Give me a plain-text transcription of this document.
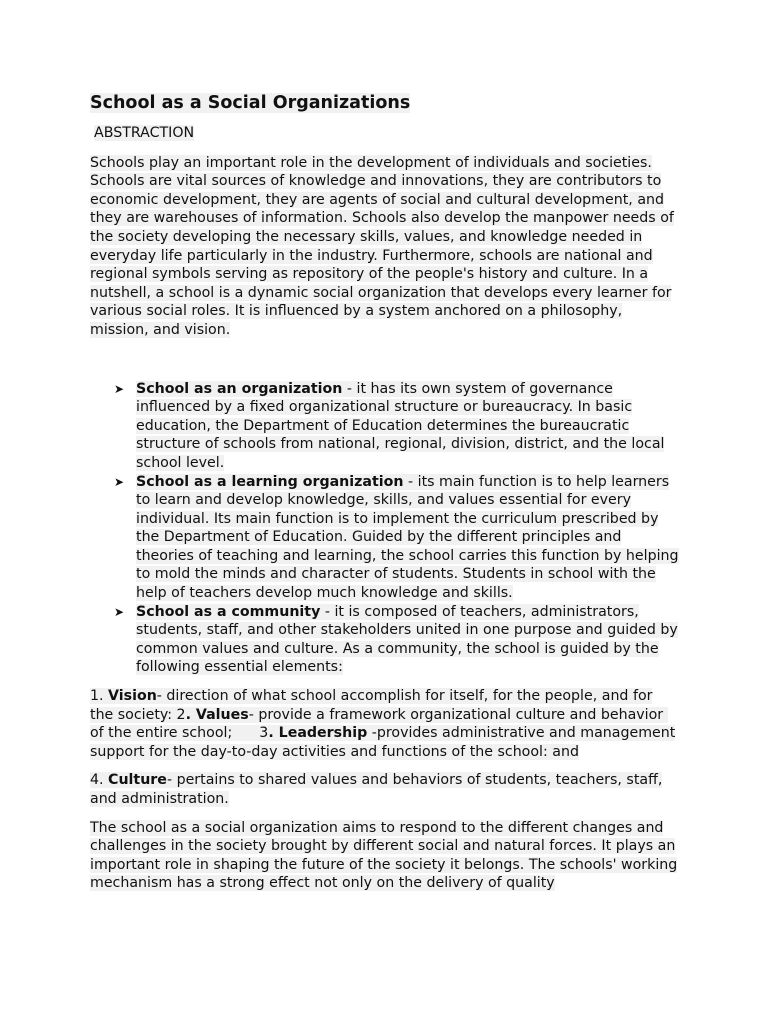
School as a Social Organizations
ABSTRACTION

Schools play an important role in the development of individuals and societies. Schools are vital sources of knowledge and innovations, they are contributors to economic development, they are agents of social and cultural development, and they are warehouses of information. Schools also develop the manpower needs of the society developing the necessary skills, values, and knowledge needed in everyday life particularly in the industry. Furthermore, schools are national and regional symbols serving as repository of the people's history and culture. In a nutshell, a school is a dynamic social organization that develops every learner for various social roles. It is influenced by a system anchored on a philosophy, mission, and vision.

➤ School as an organization - it has its own system of governance influenced by a fixed organizational structure or bureaucracy. In basic education, the Department of Education determines the bureaucratic structure of schools from national, regional, division, district, and the local school level.
➤ School as a learning organization - its main function is to help learners to learn and develop knowledge, skills, and values essential for every individual. Its main function is to implement the curriculum prescribed by the Department of Education. Guided by the different principles and theories of teaching and learning, the school carries this function by helping to mold the minds and character of students. Students in school with the help of teachers develop much knowledge and skills.
➤ School as a community - it is composed of teachers, administrators, students, staff, and other stakeholders united in one purpose and guided by common values and culture. As a community, the school is guided by the following essential elements:

1. Vision- direction of what school accomplish for itself, for the people, and for the society: 2. Values- provide a framework organizational culture and behavior of the entire school;      3. Leadership -provides administrative and management support for the day-to-day activities and functions of the school: and

4. Culture- pertains to shared values and behaviors of students, teachers, staff, and administration.

The school as a social organization aims to respond to the different changes and challenges in the society brought by different social and natural forces. It plays an important role in shaping the future of the society it belongs. The schools' working mechanism has a strong effect not only on the delivery of quality
